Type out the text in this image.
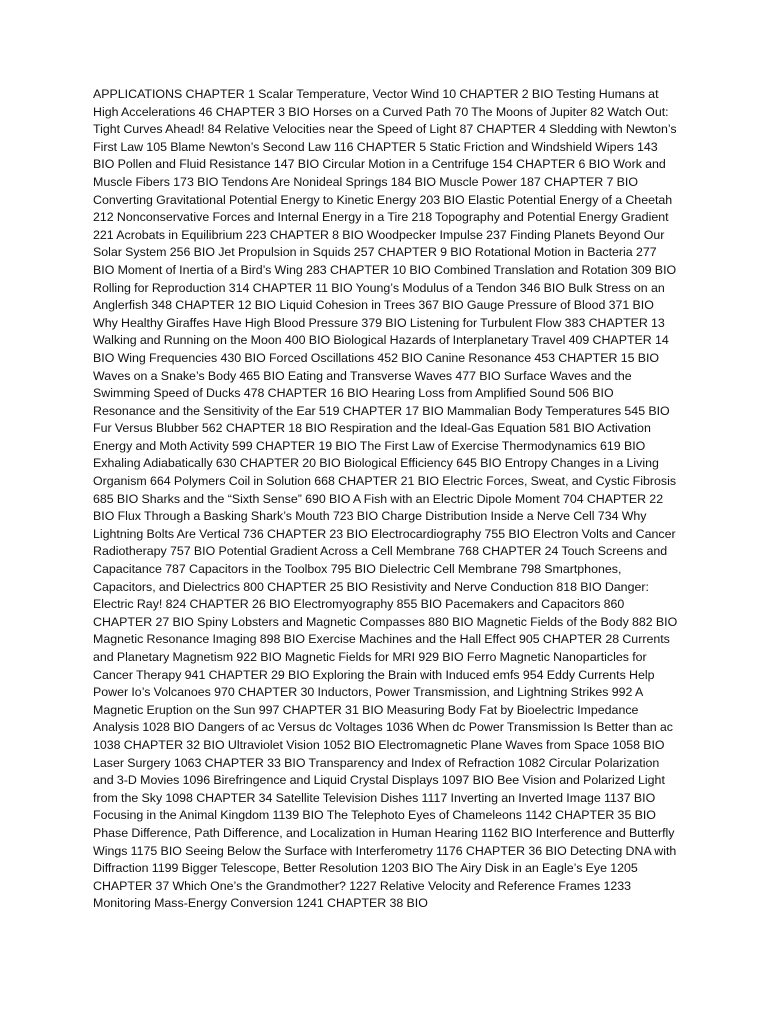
APPLICATIONS CHAPTER 1 Scalar Temperature, Vector Wind 10 CHAPTER 2 BIO Testing Humans at High Accelerations 46 CHAPTER 3 BIO Horses on a Curved Path 70 The Moons of Jupiter 82 Watch Out: Tight Curves Ahead! 84 Relative Velocities near the Speed of Light 87 CHAPTER 4 Sledding with Newton’s First Law 105 Blame Newton’s Second Law 116 CHAPTER 5 Static Friction and Windshield Wipers 143 BIO Pollen and Fluid Resistance 147 BIO Circular Motion in a Centrifuge 154 CHAPTER 6 BIO Work and Muscle Fibers 173 BIO Tendons Are Nonideal Springs 184 BIO Muscle Power 187 CHAPTER 7 BIO Converting Gravitational Potential Energy to Kinetic Energy 203 BIO Elastic Potential Energy of a Cheetah 212 Nonconservative Forces and Internal Energy in a Tire 218 Topography and Potential Energy Gradient 221 Acrobats in Equilibrium 223 CHAPTER 8 BIO Woodpecker Impulse 237 Finding Planets Beyond Our Solar System 256 BIO Jet Propulsion in Squids 257 CHAPTER 9 BIO Rotational Motion in Bacteria 277 BIO Moment of Inertia of a Bird’s Wing 283 CHAPTER 10 BIO Combined Translation and Rotation 309 BIO Rolling for Reproduction 314 CHAPTER 11 BIO Young’s Modulus of a Tendon 346 BIO Bulk Stress on an Anglerfish 348 CHAPTER 12 BIO Liquid Cohesion in Trees 367 BIO Gauge Pressure of Blood 371 BIO Why Healthy Giraffes Have High Blood Pressure 379 BIO Listening for Turbulent Flow 383 CHAPTER 13 Walking and Running on the Moon 400 BIO Biological Hazards of Interplanetary Travel 409 CHAPTER 14 BIO Wing Frequencies 430 BIO Forced Oscillations 452 BIO Canine Resonance 453 CHAPTER 15 BIO Waves on a Snake’s Body 465 BIO Eating and Transverse Waves 477 BIO Surface Waves and the Swimming Speed of Ducks 478 CHAPTER 16 BIO Hearing Loss from Amplified Sound 506 BIO Resonance and the Sensitivity of the Ear 519 CHAPTER 17 BIO Mammalian Body Temperatures 545 BIO Fur Versus Blubber 562 CHAPTER 18 BIO Respiration and the Ideal-Gas Equation 581 BIO Activation Energy and Moth Activity 599 CHAPTER 19 BIO The First Law of Exercise Thermodynamics 619 BIO Exhaling Adiabatically 630 CHAPTER 20 BIO Biological Efficiency 645 BIO Entropy Changes in a Living Organism 664 Polymers Coil in Solution 668 CHAPTER 21 BIO Electric Forces, Sweat, and Cystic Fibrosis 685 BIO Sharks and the “Sixth Sense” 690 BIO A Fish with an Electric Dipole Moment 704 CHAPTER 22 BIO Flux Through a Basking Shark’s Mouth 723 BIO Charge Distribution Inside a Nerve Cell 734 Why Lightning Bolts Are Vertical 736 CHAPTER 23 BIO Electrocardiography 755 BIO Electron Volts and Cancer Radiotherapy 757 BIO Potential Gradient Across a Cell Membrane 768 CHAPTER 24 Touch Screens and Capacitance 787 Capacitors in the Toolbox 795 BIO Dielectric Cell Membrane 798 Smartphones, Capacitors, and Dielectrics 800 CHAPTER 25 BIO Resistivity and Nerve Conduction 818 BIO Danger: Electric Ray! 824 CHAPTER 26 BIO Electromyography 855 BIO Pacemakers and Capacitors 860 CHAPTER 27 BIO Spiny Lobsters and Magnetic Compasses 880 BIO Magnetic Fields of the Body 882 BIO Magnetic Resonance Imaging 898 BIO Exercise Machines and the Hall Effect 905 CHAPTER 28 Currents and Planetary Magnetism 922 BIO Magnetic Fields for MRI 929 BIO Ferro Magnetic Nanoparticles for Cancer Therapy 941 CHAPTER 29 BIO Exploring the Brain with Induced emfs 954 Eddy Currents Help Power Io’s Volcanoes 970 CHAPTER 30 Inductors, Power Transmission, and Lightning Strikes 992 A Magnetic Eruption on the Sun 997 CHAPTER 31 BIO Measuring Body Fat by Bioelectric Impedance Analysis 1028 BIO Dangers of ac Versus dc Voltages 1036 When dc Power Transmission Is Better than ac 1038 CHAPTER 32 BIO Ultraviolet Vision 1052 BIO Electromagnetic Plane Waves from Space 1058 BIO Laser Surgery 1063 CHAPTER 33 BIO Transparency and Index of Refraction 1082 Circular Polarization and 3-D Movies 1096 Birefringence and Liquid Crystal Displays 1097 BIO Bee Vision and Polarized Light from the Sky 1098 CHAPTER 34 Satellite Television Dishes 1117 Inverting an Inverted Image 1137 BIO Focusing in the Animal Kingdom 1139 BIO The Telephoto Eyes of Chameleons 1142 CHAPTER 35 BIO Phase Difference, Path Difference, and Localization in Human Hearing 1162 BIO Interference and Butterfly Wings 1175 BIO Seeing Below the Surface with Interferometry 1176 CHAPTER 36 BIO Detecting DNA with Diffraction 1199 Bigger Telescope, Better Resolution 1203 BIO The Airy Disk in an Eagle’s Eye 1205 CHAPTER 37 Which One’s the Grandmother? 1227 Relative Velocity and Reference Frames 1233 Monitoring Mass-Energy Conversion 1241 CHAPTER 38 BIO
